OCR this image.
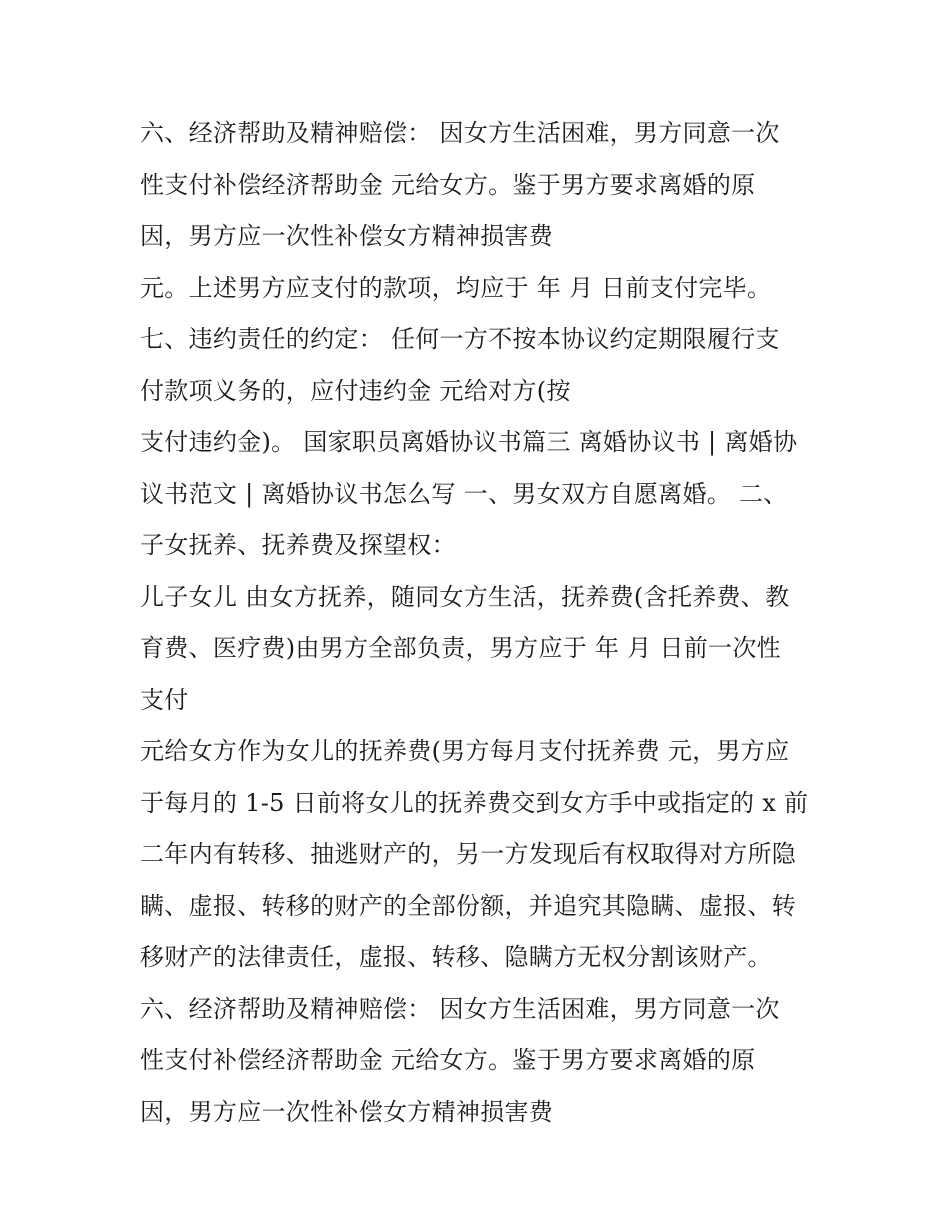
六、经济帮助及精神赔偿： 因女方生活困难，男方同意一次
性支付补偿经济帮助金 元给女方。鉴于男方要求离婚的原
因，男方应一次性补偿女方精神损害费
元。上述男方应支付的款项，均应于 年 月 日前支付完毕。
七、违约责任的约定： 任何一方不按本协议约定期限履行支
付款项义务的，应付违约金 元给对方(按
支付违约金)。 国家职员离婚协议书篇三 离婚协议书 | 离婚协
议书范文 | 离婚协议书怎么写 一、男女双方自愿离婚。 二、
子女抚养、抚养费及探望权：
儿子女儿 由女方抚养，随同女方生活，抚养费(含托养费、教
育费、医疗费)由男方全部负责，男方应于 年 月 日前一次性
支付
元给女方作为女儿的抚养费(男方每月支付抚养费 元，男方应
于每月的 1-5 日前将女儿的抚养费交到女方手中或指定的 x 前
二年内有转移、抽逃财产的，另一方发现后有权取得对方所隐
瞒、虚报、转移的财产的全部份额，并追究其隐瞒、虚报、转
移财产的法律责任，虚报、转移、隐瞒方无权分割该财产。
六、经济帮助及精神赔偿： 因女方生活困难，男方同意一次
性支付补偿经济帮助金 元给女方。鉴于男方要求离婚的原
因，男方应一次性补偿女方精神损害费
